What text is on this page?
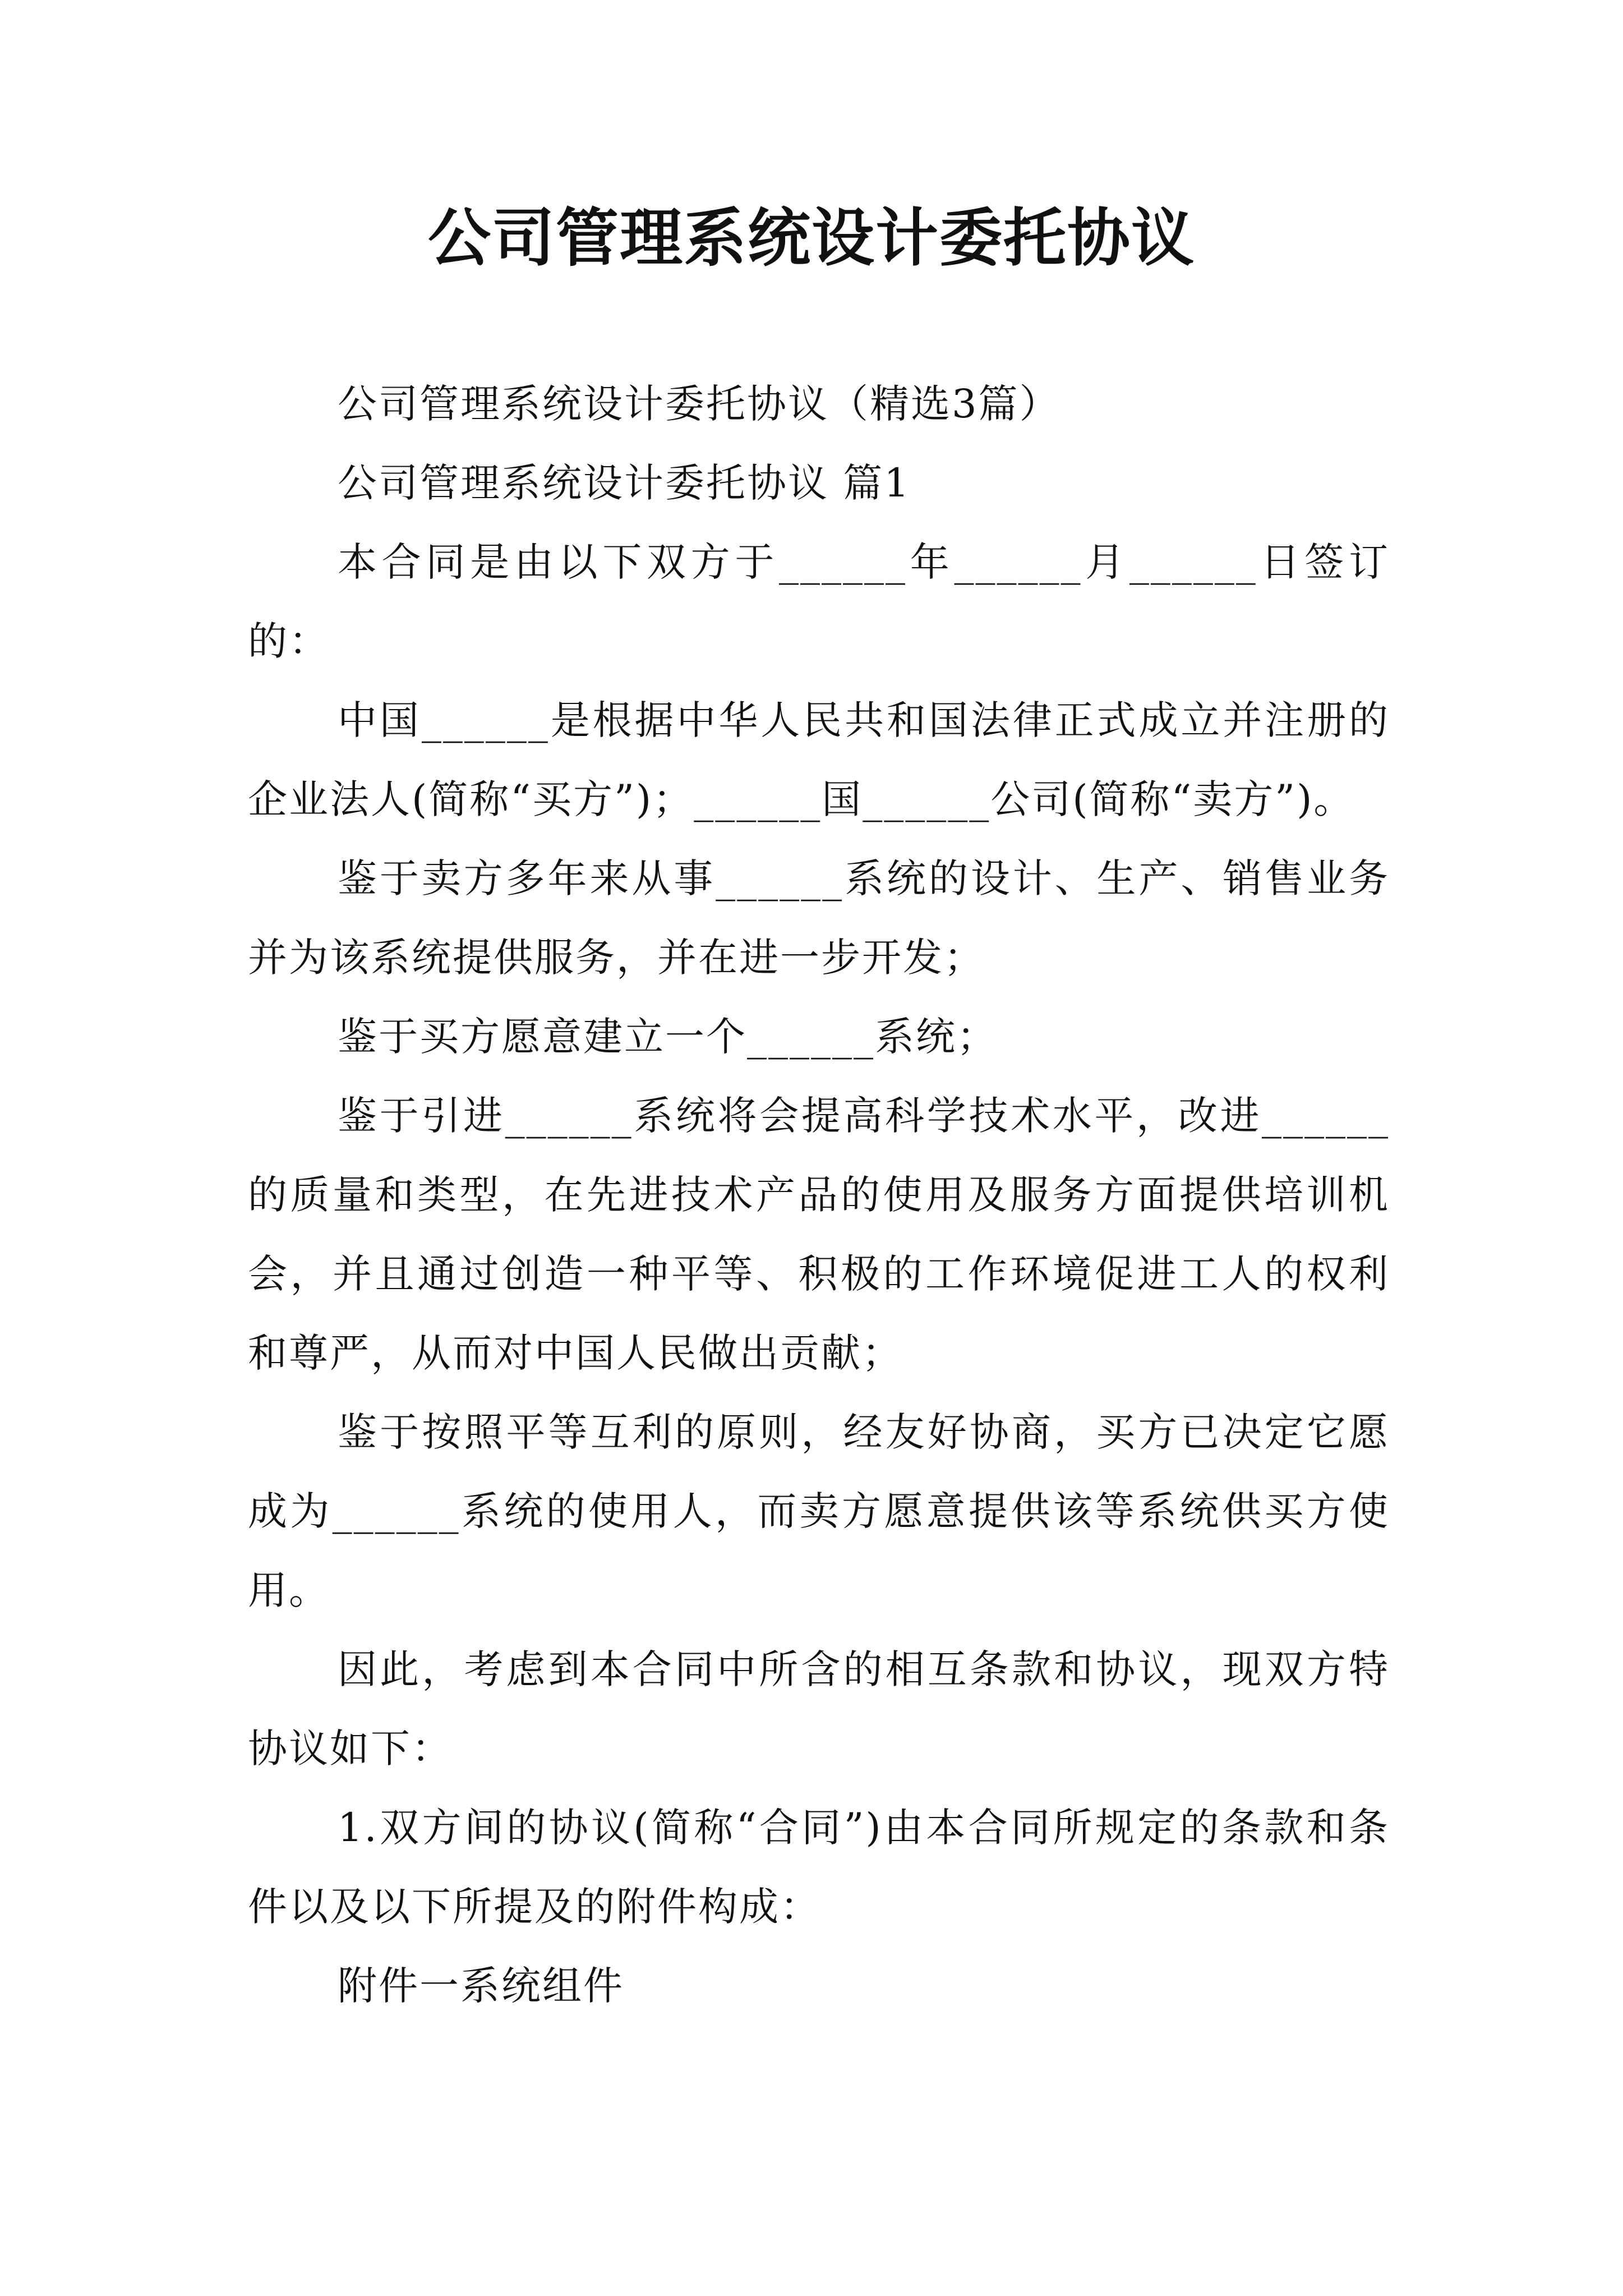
公司管理系统设计委托协议

公司管理系统设计委托协议（精选3篇）

公司管理系统设计委托协议 篇1

本合同是由以下双方于______年______月______日签订的：

中国______是根据中华人民共和国法律正式成立并注册的企业法人(简称“买方”)；______国______公司(简称“卖方”)。

鉴于卖方多年来从事______系统的设计、生产、销售业务并为该系统提供服务，并在进一步开发；

鉴于买方愿意建立一个______系统；

鉴于引进______系统将会提高科学技术水平，改进______的质量和类型，在先进技术产品的使用及服务方面提供培训机会，并且通过创造一种平等、积极的工作环境促进工人的权利和尊严，从而对中国人民做出贡献；

鉴于按照平等互利的原则，经友好协商，买方已决定它愿成为______系统的使用人，而卖方愿意提供该等系统供买方使用。

因此，考虑到本合同中所含的相互条款和协议，现双方特协议如下：

1.双方间的协议(简称“合同”)由本合同所规定的条款和条件以及以下所提及的附件构成：

附件一系统组件
